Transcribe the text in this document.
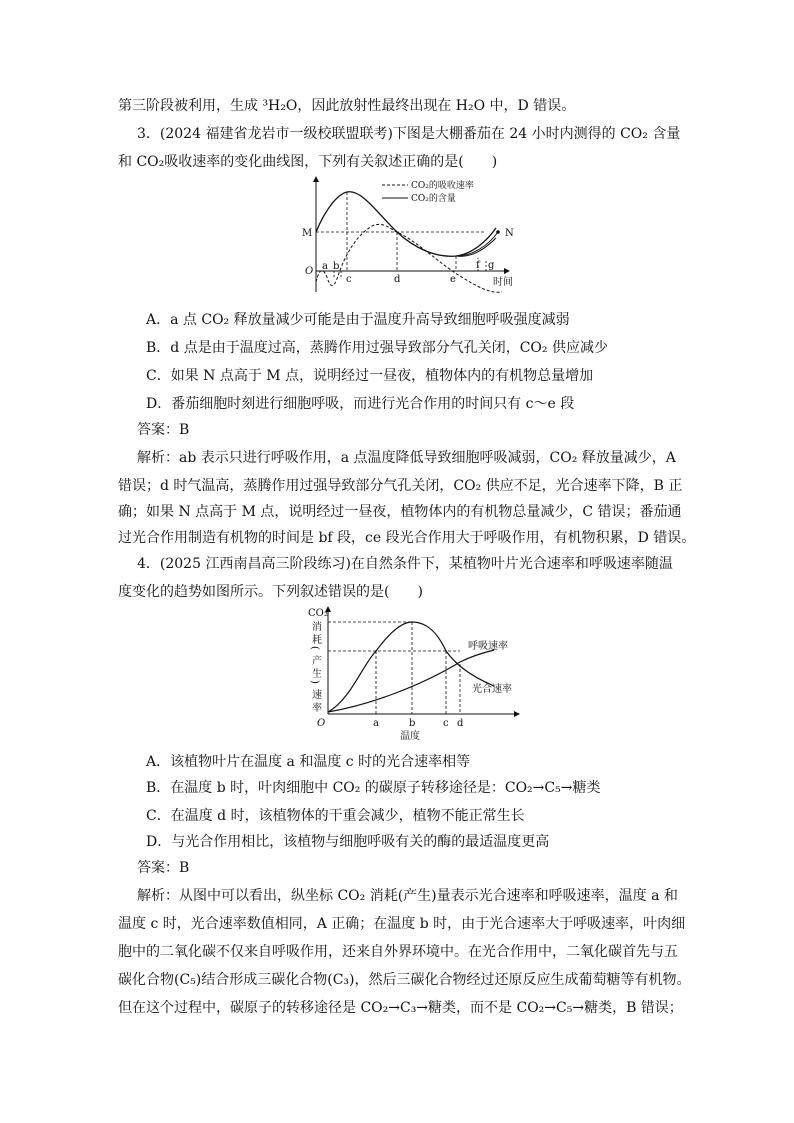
第三阶段被利用，生成 ³H₂O，因此放射性最终出现在 H₂O 中，D 错误。
3．(2024 福建省龙岩市一级校联盟联考)下图是大棚番茄在 24 小时内测得的 CO₂ 含量
和 CO₂吸收速率的变化曲线图，下列有关叙述正确的是(　　)
CO₂的吸收速率
CO₂的含量
M	N
O a b
c	d	e
f g
时间
A．a 点 CO₂ 释放量减少可能是由于温度升高导致细胞呼吸强度减弱
B．d 点是由于温度过高，蒸腾作用过强导致部分气孔关闭，CO₂ 供应减少
C．如果 N 点高于 M 点，说明经过一昼夜，植物体内的有机物总量增加
D．番茄细胞时刻进行细胞呼吸，而进行光合作用的时间只有 c～e 段
答案：B
解析：ab 表示只进行呼吸作用，a 点温度降低导致细胞呼吸减弱，CO₂ 释放量减少，A
错误；d 时气温高，蒸腾作用过强导致部分气孔关闭，CO₂ 供应不足，光合速率下降，B 正
确；如果 N 点高于 M 点，说明经过一昼夜，植物体内的有机物总量减少，C 错误；番茄通
过光合作用制造有机物的时间是 bf 段，ce 段光合作用大于呼吸作用，有机物积累，D 错误。
4．(2025 江西南昌高三阶段练习)在自然条件下，某植物叶片光合速率和呼吸速率随温
度变化的趋势如图所示。下列叙述错误的是(　　)
CO₂
消
耗
(
产
生
)
速
率
O	a	b	c d
温度
呼吸速率
光合速率
A．该植物叶片在温度 a 和温度 c 时的光合速率相等
B．在温度 b 时，叶肉细胞中 CO₂ 的碳原子转移途径是：CO₂→C₅→糖类
C．在温度 d 时，该植物体的干重会减少，植物不能正常生长
D．与光合作用相比，该植物与细胞呼吸有关的酶的最适温度更高
答案：B
解析：从图中可以看出，纵坐标 CO₂ 消耗(产生)量表示光合速率和呼吸速率，温度 a 和
温度 c 时，光合速率数值相同，A 正确；在温度 b 时，由于光合速率大于呼吸速率，叶肉细
胞中的二氧化碳不仅来自呼吸作用，还来自外界环境中。在光合作用中，二氧化碳首先与五
碳化合物(C₅)结合形成三碳化合物(C₃)，然后三碳化合物经过还原反应生成葡萄糖等有机物。
但在这个过程中，碳原子的转移途径是 CO₂→C₃→糖类，而不是 CO₂→C₅→糖类，B 错误；
